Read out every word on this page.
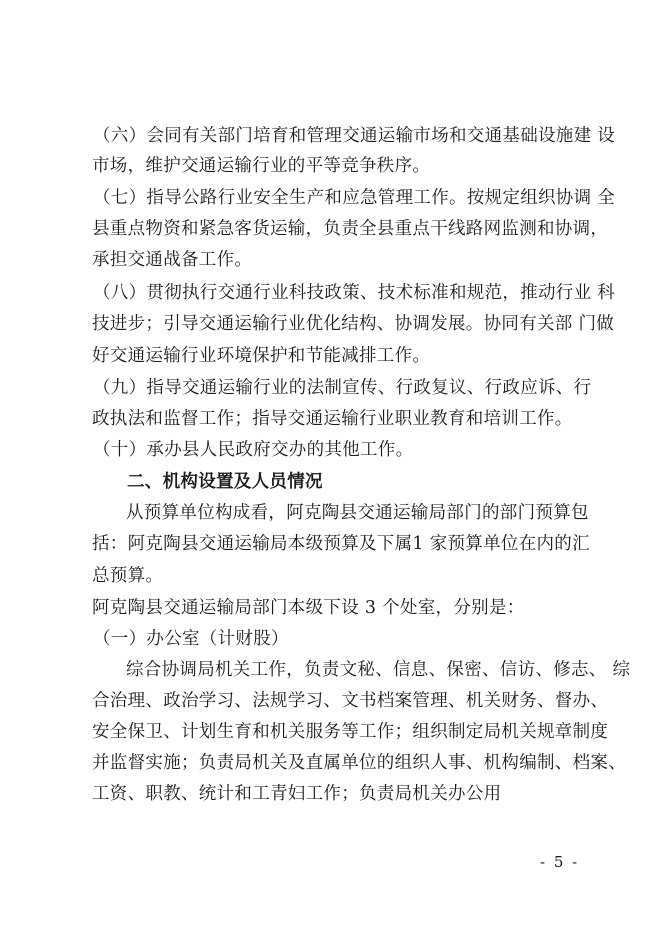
（六）会同有关部门培育和管理交通运输市场和交通基础设施建 设
市场，维护交通运输行业的平等竞争秩序。
（七）指导公路行业安全生产和应急管理工作。按规定组织协调 全
县重点物资和紧急客货运输，负责全县重点干线路网监测和协调，
承担交通战备工作。
（八）贯彻执行交通行业科技政策、技术标准和规范，推动行业 科
技进步；引导交通运输行业优化结构、协调发展。协同有关部 门做
好交通运输行业环境保护和节能减排工作。
（九）指导交通运输行业的法制宣传、行政复议、行政应诉、行
政执法和监督工作；指导交通运输行业职业教育和培训工作。
（十）承办县人民政府交办的其他工作。
二、机构设置及人员情况
从预算单位构成看，阿克陶县交通运输局部门的部门预算包
括：阿克陶县交通运输局本级预算及下属1 家预算单位在内的汇
总预算。
阿克陶县交通运输局部门本级下设 3 个处室，分别是：
（一）办公室（计财股）
综合协调局机关工作，负责文秘、信息、保密、信访、修志、 综
合治理、政治学习、法规学习、文书档案管理、机关财务、督办、
安全保卫、计划生育和机关服务等工作；组织制定局机关规章制度
并监督实施；负责局机关及直属单位的组织人事、机构编制、档案、
工资、职教、统计和工青妇工作；负责局机关办公用
- 5 -
